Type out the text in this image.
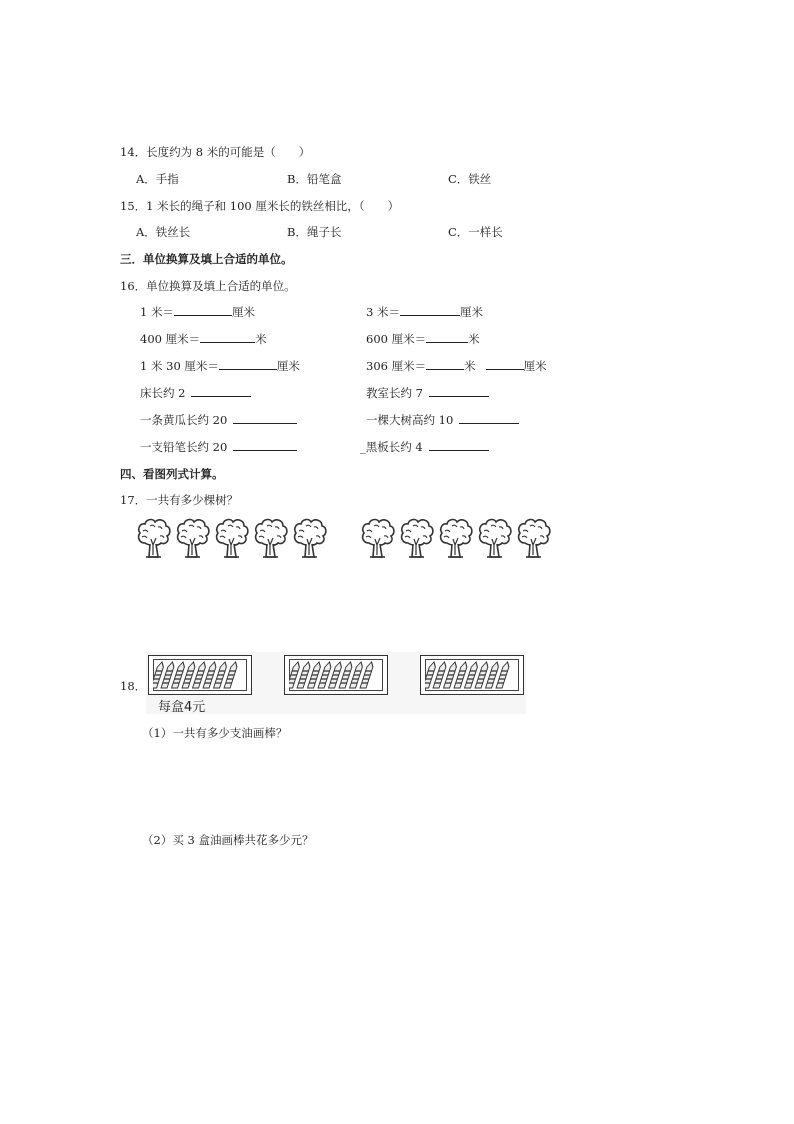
14．长度约为 8 米的可能是（　　）
A．手指	B．铅笔盒	C．铁丝
15．1 米长的绳子和 100 厘米长的铁丝相比，（　　）
A．铁丝长	B．绳子长	C．一样长
三．单位换算及填上合适的单位。
16．单位换算及填上合适的单位。
1 米＝	厘米	3 米＝	厘米
400 厘米＝	米	600 厘米＝	米
1 米 30 厘米＝	厘米	306 厘米＝	米	厘米
床长约 2	教室长约 7
一条黄瓜长约 20	一棵大树高约 10
一支铅笔长约 20	_黑板长约 4
四、看图列式计算。
17．一共有多少棵树？
18．
每盒4元
（1）一共有多少支油画棒？
（2）买 3 盒油画棒共花多少元？
